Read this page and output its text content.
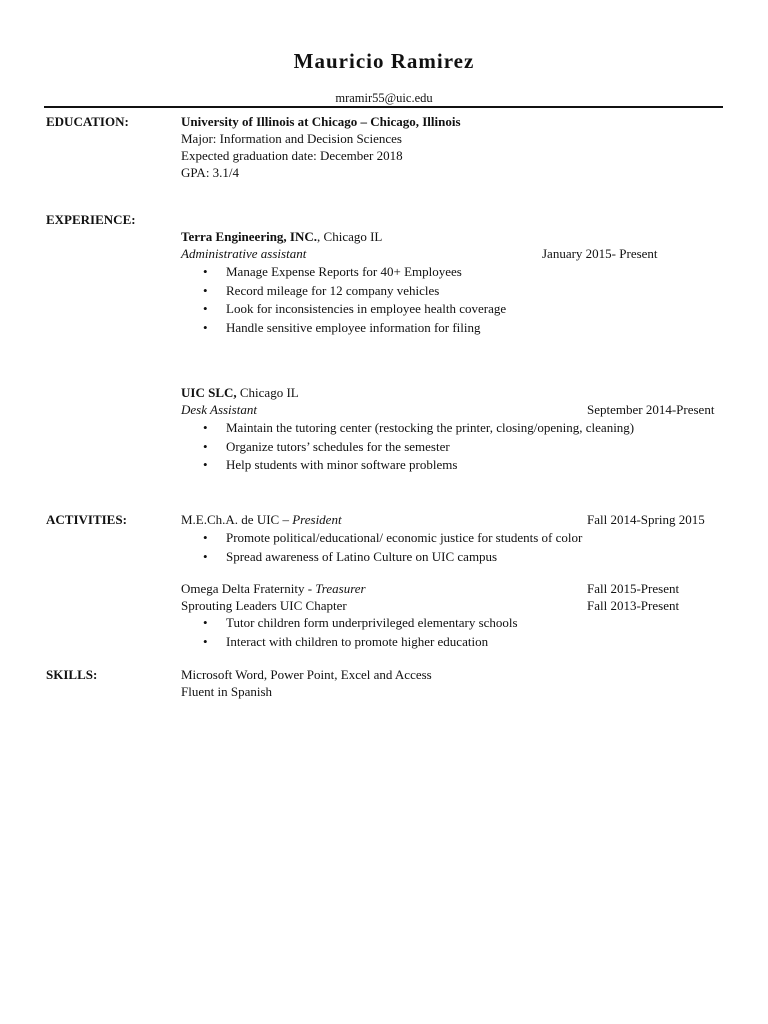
Mauricio Ramirez
mramir55@uic.edu
EDUCATION:	University of Illinois at Chicago – Chicago, Illinois
Major: Information and Decision Sciences
Expected graduation date: December 2018
GPA: 3.1/4
EXPERIENCE:
Terra Engineering, INC., Chicago IL
Administrative assistant	January 2015- Present
• Manage Expense Reports for 40+ Employees
• Record mileage for 12 company vehicles
• Look for inconsistencies in employee health coverage
• Handle sensitive employee information for filing
UIC SLC, Chicago IL
Desk Assistant	September 2014-Present
• Maintain the tutoring center (restocking the printer, closing/opening, cleaning)
• Organize tutors’ schedules for the semester
• Help students with minor software problems
ACTIVITIES:	M.E.Ch.A. de UIC – President	Fall 2014-Spring 2015
• Promote political/educational/ economic justice for students of color
• Spread awareness of Latino Culture on UIC campus
Omega Delta Fraternity - Treasurer	Fall 2015-Present
Sprouting Leaders UIC Chapter	Fall 2013-Present
• Tutor children form underprivileged elementary schools
• Interact with children to promote higher education
SKILLS:	Microsoft Word, Power Point, Excel and Access
Fluent in Spanish
